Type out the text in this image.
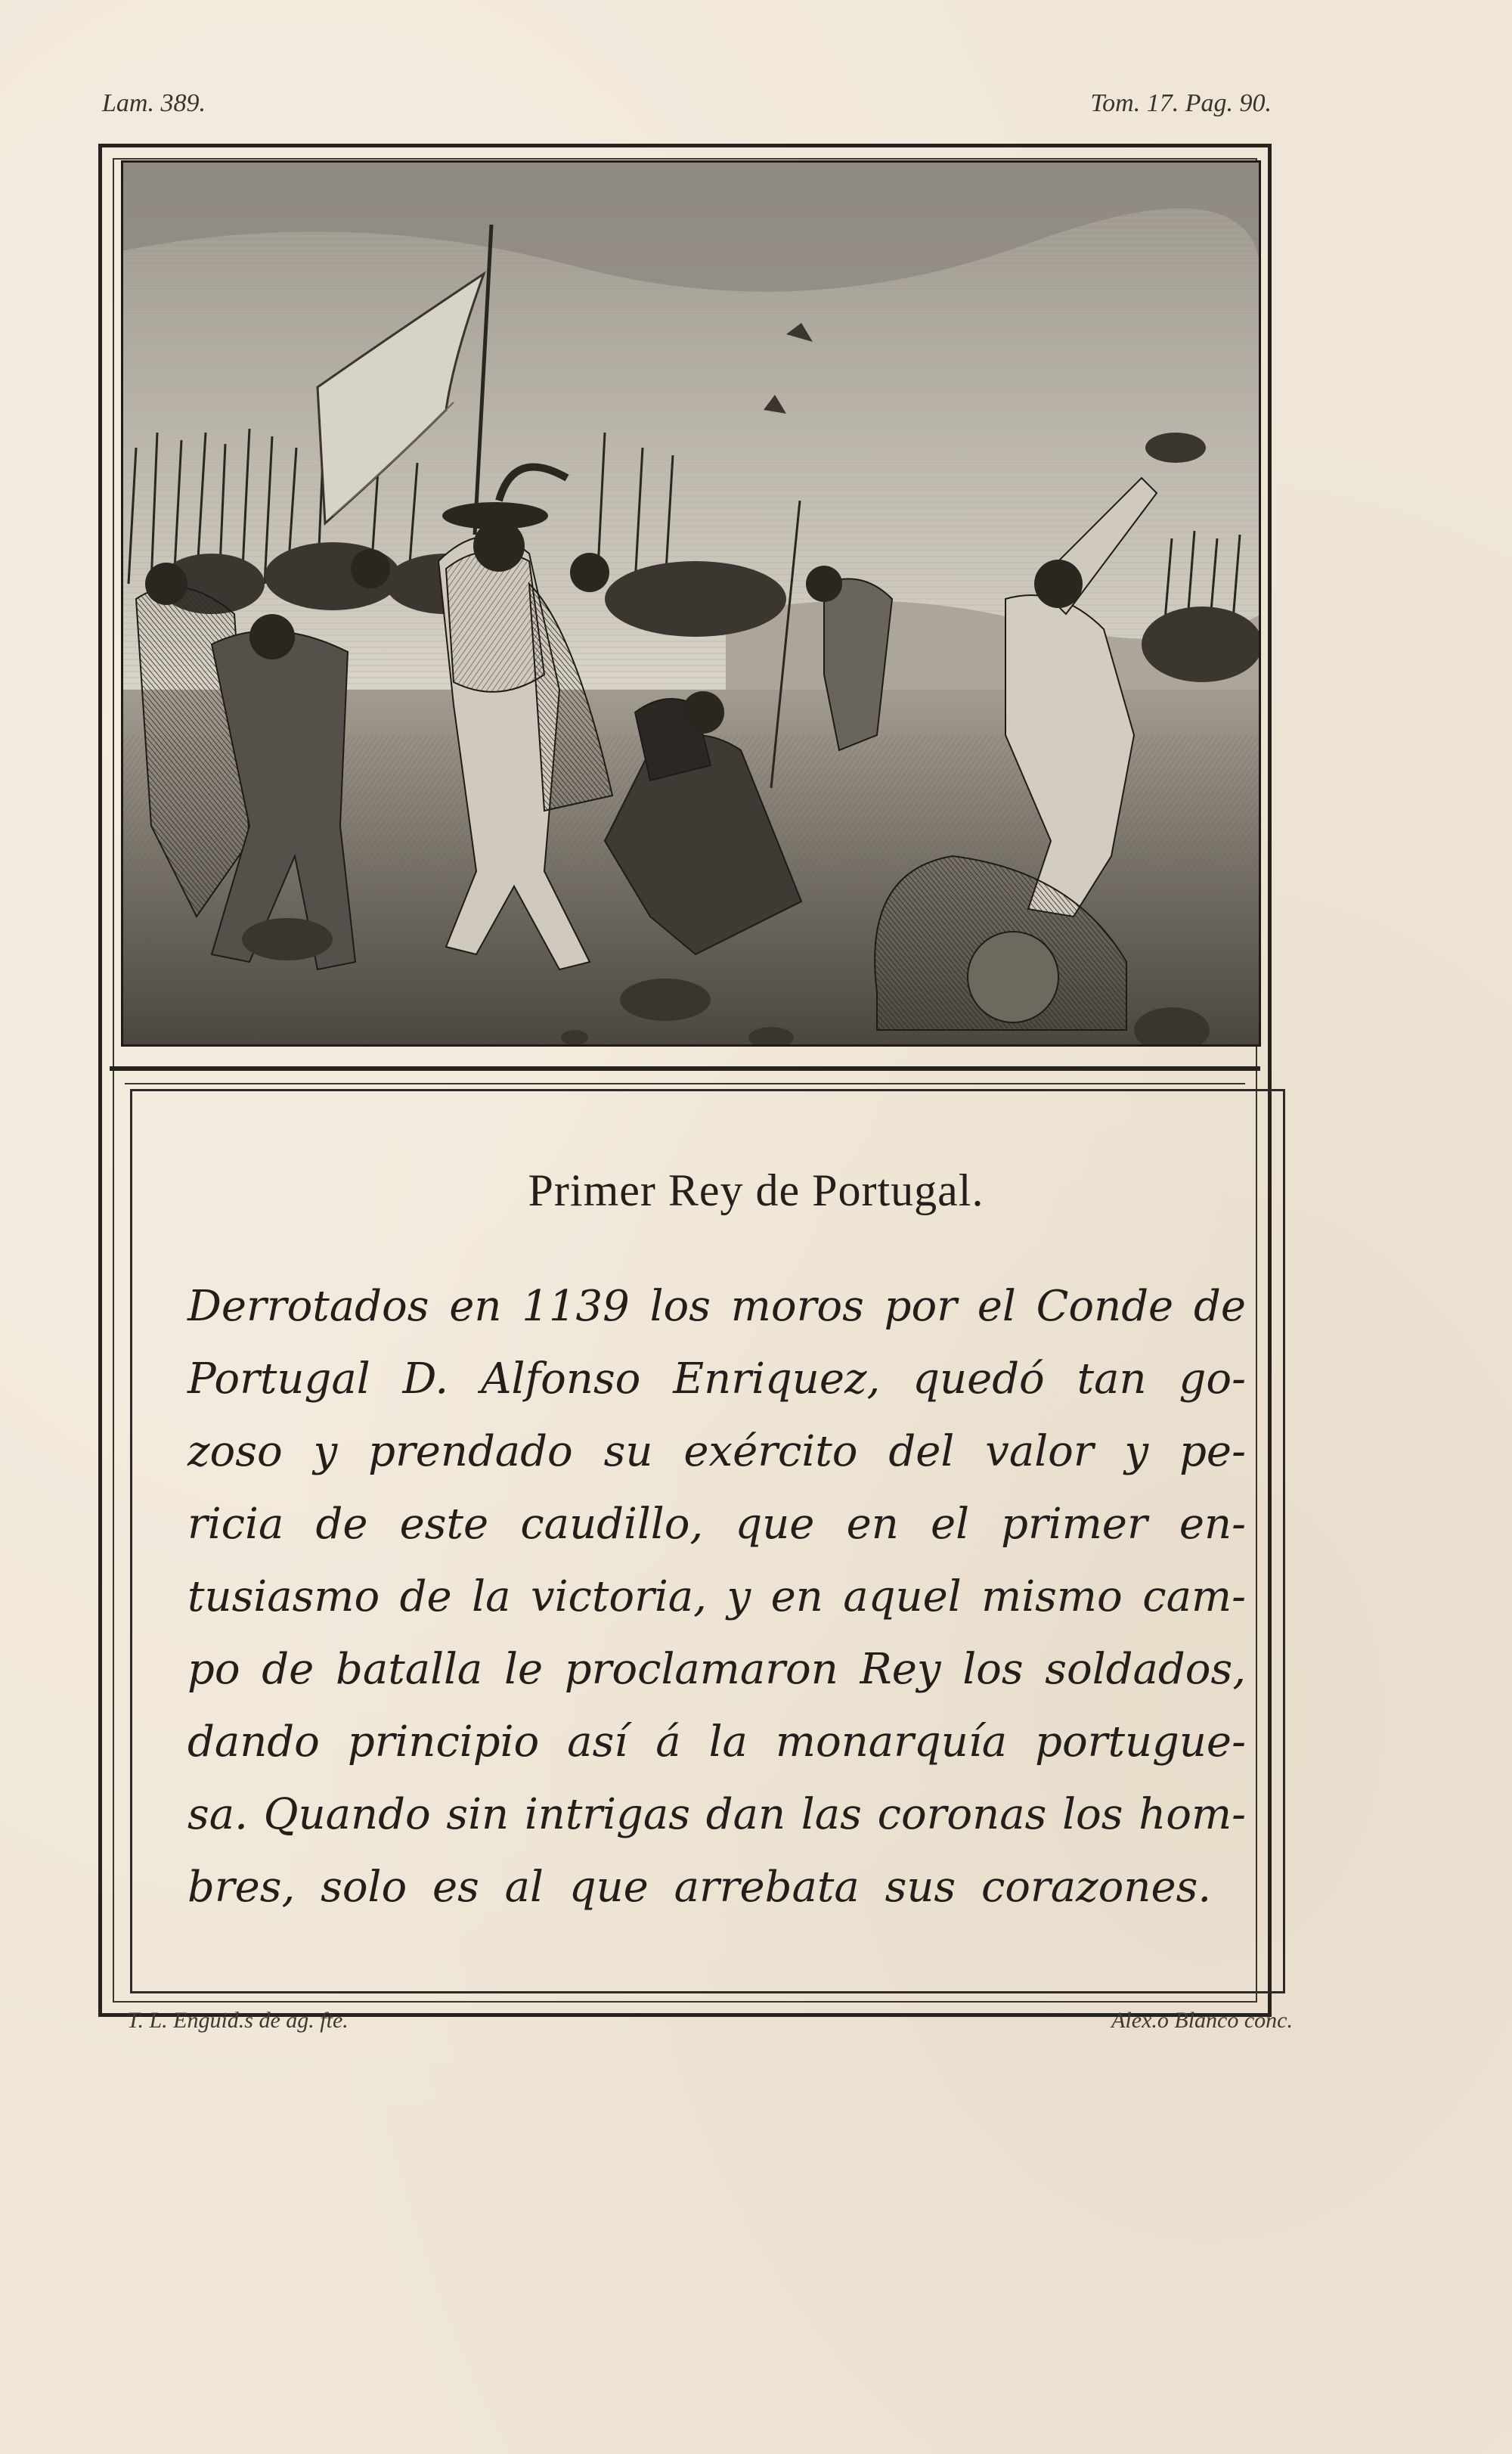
Lam. 389.	Tom. 17. Pag. 90.
Primer Rey de Portugal.
Derrotados en 1139 los moros por el Conde de
Portugal D. Alfonso Enriquez, quedó tan go-
zoso y prendado su exército del valor y pe-
ricia de este caudillo, que en el primer en-
tusiasmo de la victoria, y en aquel mismo cam-
po de batalla le proclamaron Rey los soldados,
dando principio así á la monarquía portugue-
sa. Quando sin intrigas dan las coronas los hom-
bres, solo es al que arrebata sus corazones.
T. L. Enguid.s de ag. fte.	Alex.o Blanco conc.
